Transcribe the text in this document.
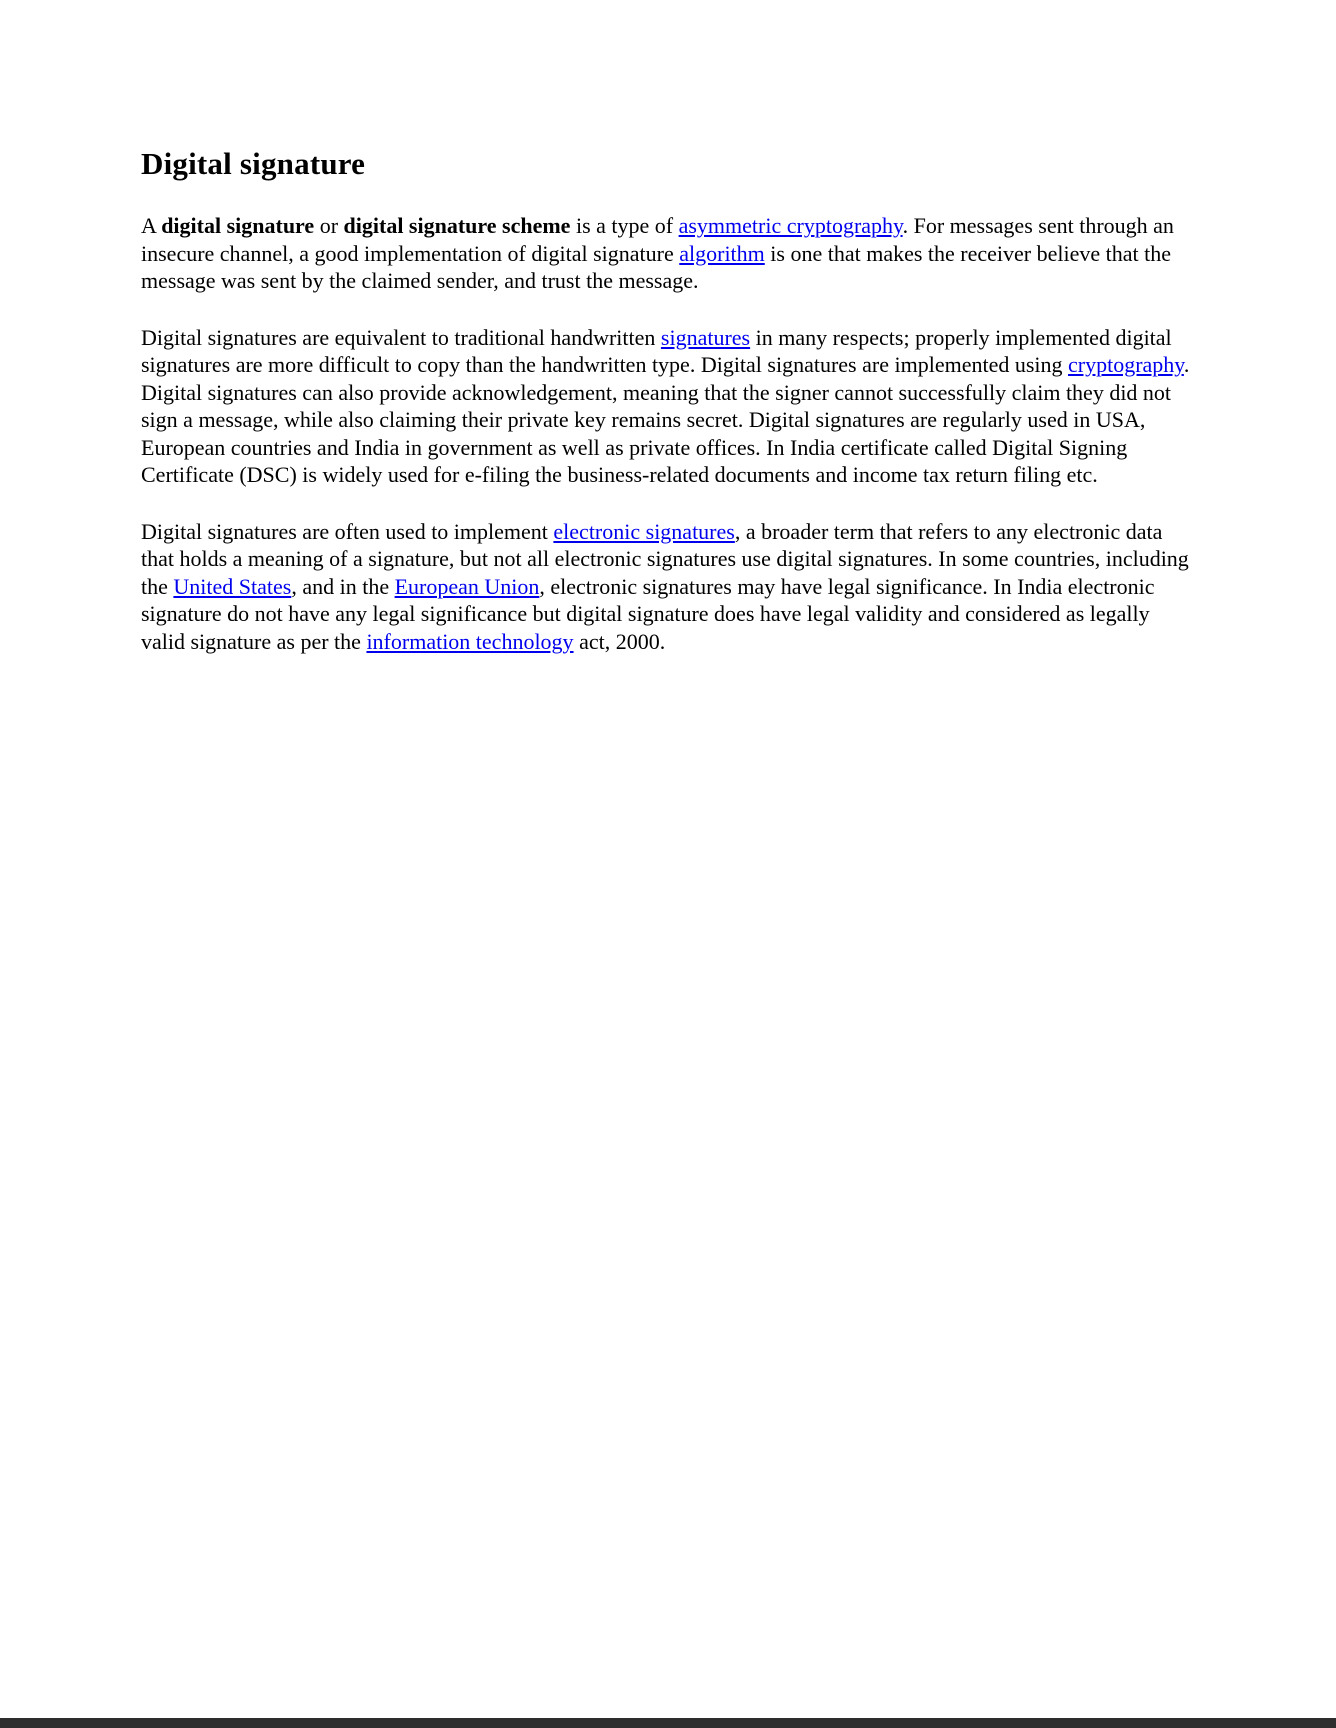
Digital signature

A digital signature or digital signature scheme is a type of asymmetric cryptography. For messages sent through an insecure channel, a good implementation of digital signature algorithm is one that makes the receiver believe that the message was sent by the claimed sender, and trust the message.

Digital signatures are equivalent to traditional handwritten signatures in many respects; properly implemented digital signatures are more difficult to copy than the handwritten type. Digital signatures are implemented using cryptography. Digital signatures can also provide acknowledgement, meaning that the signer cannot successfully claim they did not sign a message, while also claiming their private key remains secret. Digital signatures are regularly used in USA, European countries and India in government as well as private offices. In India certificate called Digital Signing Certificate (DSC) is widely used for e-filing the business-related documents and income tax return filing etc.

Digital signatures are often used to implement electronic signatures, a broader term that refers to any electronic data that holds a meaning of a signature, but not all electronic signatures use digital signatures. In some countries, including the United States, and in the European Union, electronic signatures may have legal significance. In India electronic signature do not have any legal significance but digital signature does have legal validity and considered as legally valid signature as per the information technology act, 2000.
